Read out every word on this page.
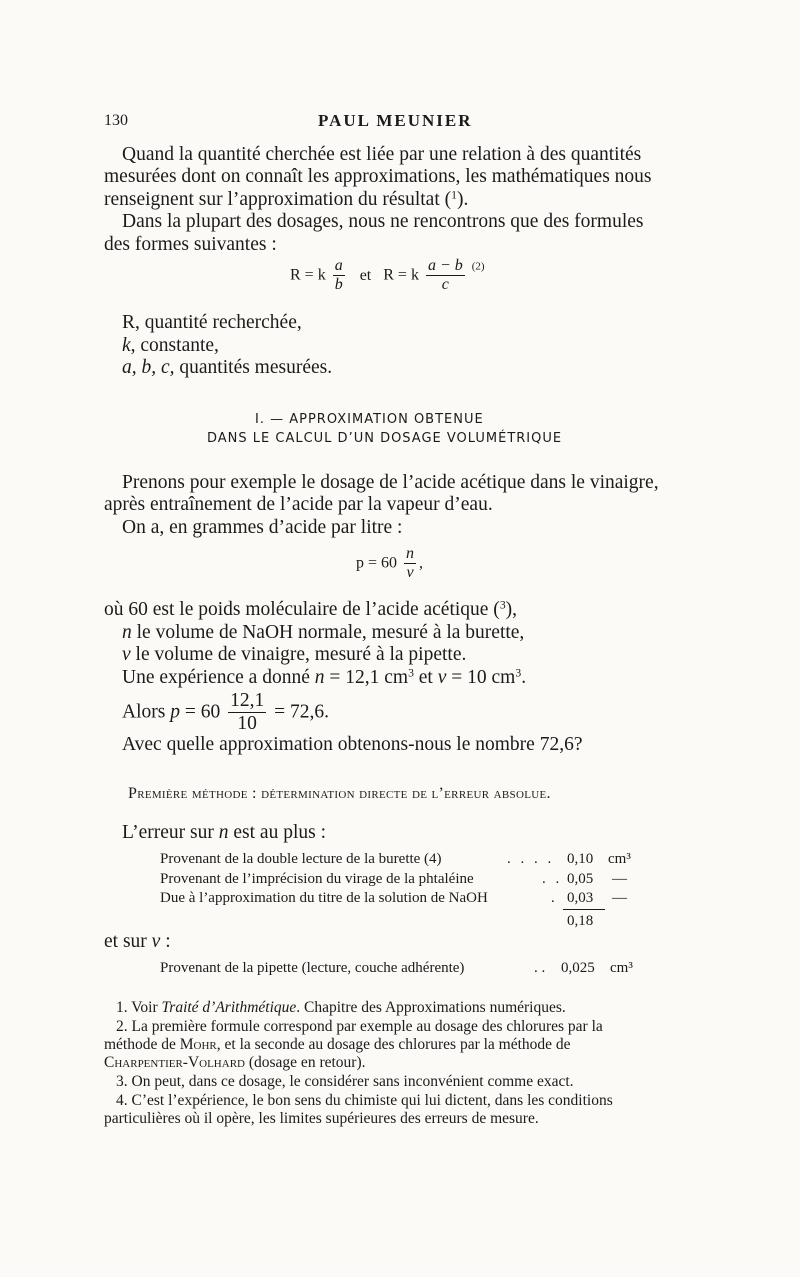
130	PAUL MEUNIER
Quand la quantité cherchée est liée par une relation à des quantités
mesurées dont on connaît les approximations, les mathématiques nous
renseignent sur l’approximation du résultat ($^1$).
Dans la plupart des dosages, nous ne rencontrons que des formules
des formes suivantes :
R = k $\frac{a}{b}$ et R = k $\frac{a - b}{c} ^{(2)}$
R, quantité recherchée,
k, constante,
a, b, c, quantités mesurées.
I. — APPROXIMATION OBTENUE
DANS LE CALCUL D’UN DOSAGE VOLUMÉTRIQUE
Prenons pour exemple le dosage de l’acide acétique dans le vinaigre,
après entraînement de l’acide par la vapeur d’eau.
On a, en grammes d’acide par litre :
$p = 60 \frac{n}{v}$ ,
où 60 est le poids moléculaire de l’acide acétique ($^3$),
n le volume de NaOH normale, mesuré à la burette,
v le volume de vinaigre, mesuré à la pipette.
Une expérience a donné n = 12,1 $cm^3$ et v = 10 $cm^3$.
Alors $p = 60 \frac{12,1}{10} = 72,6$.
Avec quelle approximation obtenons-nous le nombre 72,6?
Première méthode : détermination directe de l’erreur absolue.
L’erreur sur n est au plus :
Provenant de la double lecture de la burette (4)	. . . . 0,10 cm³
Provenant de l’imprécision du virage de la phtaléine	. . 0,05 —
Due à l’approximation du titre de la solution de NaOH	. 0,03 —
0,18
et sur v :
Provenant de la pipette (lecture, couche adhérente)	. . 0,025 cm³
1. Voir Traité d’Arithmétique. Chapitre des Approximations numériques.
2. La première formule correspond par exemple au dosage des chlorures par la
méthode de Mohr, et la seconde au dosage des chlorures par la méthode de
Charpentier-Volhard (dosage en retour).
3. On peut, dans ce dosage, le considérer sans inconvénient comme exact.
4. C’est l’expérience, le bon sens du chimiste qui lui dictent, dans les conditions
particulières où il opère, les limites supérieures des erreurs de mesure.
